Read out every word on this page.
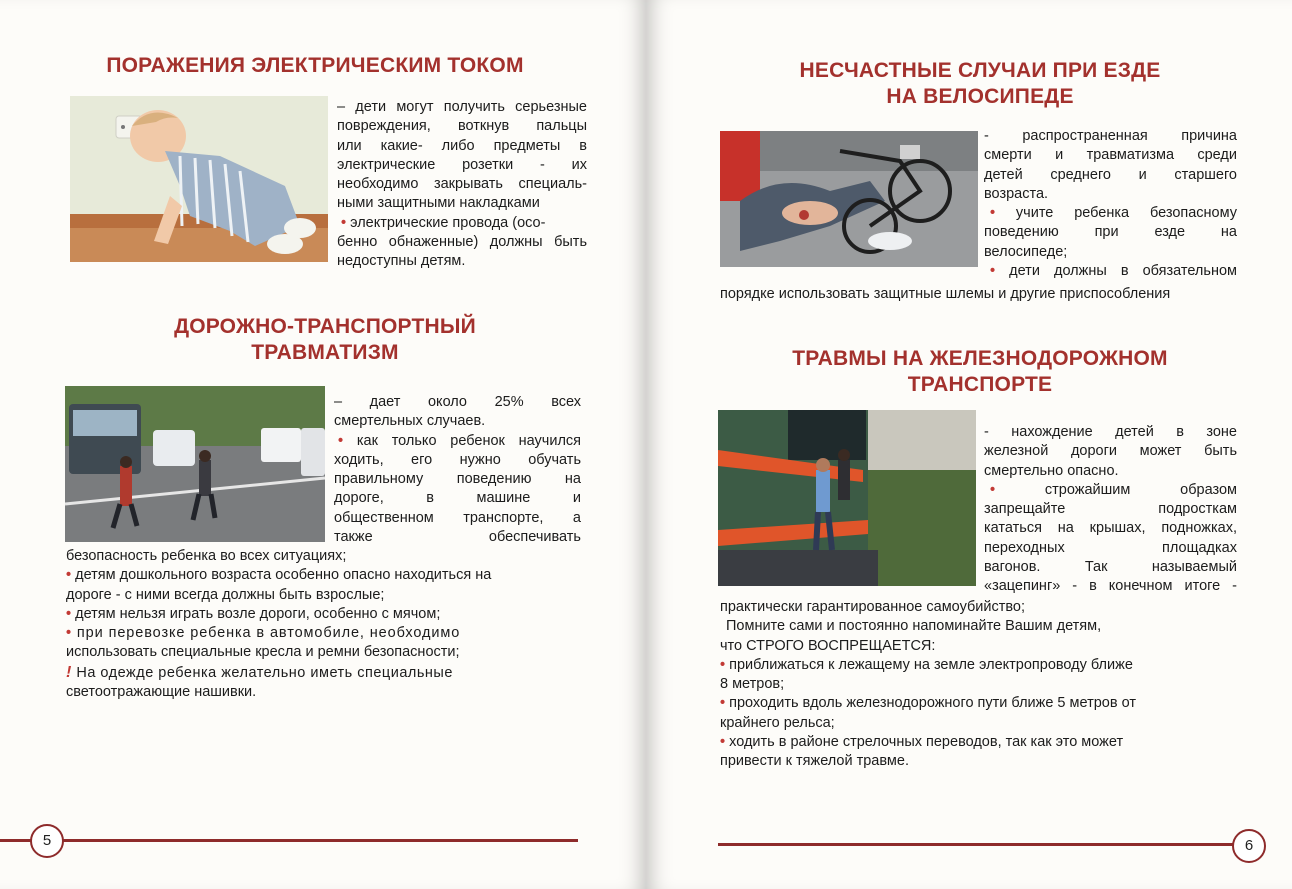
ПОРАЖЕНИЯ ЭЛЕКТРИЧЕСКИМ ТОКОМ

– дети могут получить серьезные

повреждения, воткнув пальцы

или какие- либо предметы в

электрические розетки - их

необходимо закрывать специаль-

ными защитными накладками

• электрические провода (осо-

бенно обнаженные) должны быть

недоступны детям.

ДОРОЖНО-ТРАНСПОРТНЫЙ
ТРАВМАТИЗМ

– дает около 25% всех

смертельных случаев.

• как только ребенок научился

ходить, его нужно обучать

правильному поведению на

дороге, в машине и

общественном транспорте, а

также обеспечивать

безопасность ребенка во всех ситуациях;

• детям дошкольного возраста особенно опасно находиться на

дороге - с ними всегда должны быть взрослые;

• детям нельзя играть возле дороги, особенно с мячом;

• при перевозке ребенка в автомобиле, необходимо

использовать специальные кресла и ремни безопасности;

! На одежде ребенка желательно иметь специальные

светоотражающие нашивки.

5
НЕСЧАСТНЫЕ СЛУЧАИ ПРИ ЕЗДЕ
НА ВЕЛОСИПЕДЕ

- распространенная причина

смерти и травматизма среди

детей среднего и старшего

возраста.

• учите ребенка безопасному

поведению при езде на

велосипеде;

• дети должны в обязательном

порядке использовать защитные шлемы и другие приспособления
ТРАВМЫ НА ЖЕЛЕЗНОДОРОЖНОМ
ТРАНСПОРТЕ

- нахождение детей в зоне

железной дороги может быть

смертельно опасно.

•	строжайшим образом

запрещайте подросткам

кататься на крышах, подножках,

переходных площадках

вагонов. Так называемый

«зацепинг» - в конечном итоге -

практически гарантированное самоубийство;

Помните сами и постоянно напоминайте Вашим детям,

что СТРОГО ВОСПРЕЩАЕТСЯ:

• приближаться к лежащему на земле электропроводу ближе

8 метров;

• проходить вдоль железнодорожного пути ближе 5 метров от

крайнего рельса;

• ходить в районе стрелочных переводов, так как это может

привести к тяжелой травме.

6
